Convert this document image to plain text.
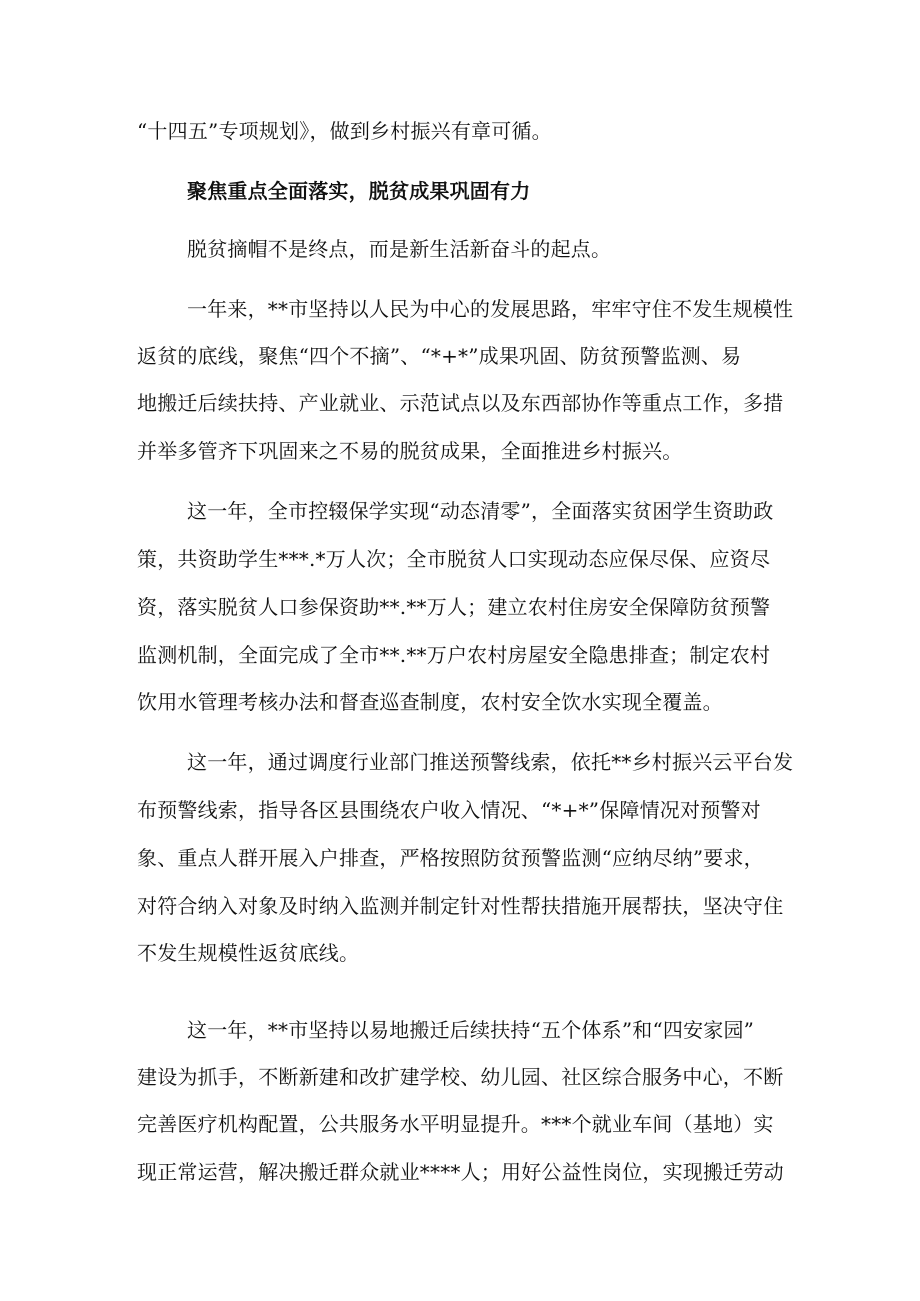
“十四五”专项规划》，做到乡村振兴有章可循。
聚焦重点全面落实，脱贫成果巩固有力
脱贫摘帽不是终点，而是新生活新奋斗的起点。
一年来，**市坚持以人民为中心的发展思路，牢牢守住不发生规模性
返贫的底线，聚焦“四个不摘”、“*+*”成果巩固、防贫预警监测、易
地搬迁后续扶持、产业就业、示范试点以及东西部协作等重点工作，多措
并举多管齐下巩固来之不易的脱贫成果，全面推进乡村振兴。
这一年，全市控辍保学实现“动态清零”，全面落实贫困学生资助政
策，共资助学生***.*万人次；全市脱贫人口实现动态应保尽保、应资尽
资，落实脱贫人口参保资助**.**万人；建立农村住房安全保障防贫预警
监测机制，全面完成了全市**.**万户农村房屋安全隐患排查；制定农村
饮用水管理考核办法和督查巡查制度，农村安全饮水实现全覆盖。
这一年，通过调度行业部门推送预警线索，依托**乡村振兴云平台发
布预警线索，指导各区县围绕农户收入情况、“*+*”保障情况对预警对
象、重点人群开展入户排查，严格按照防贫预警监测“应纳尽纳”要求，
对符合纳入对象及时纳入监测并制定针对性帮扶措施开展帮扶，坚决守住
不发生规模性返贫底线。
这一年，**市坚持以易地搬迁后续扶持“五个体系”和“四安家园”
建设为抓手，不断新建和改扩建学校、幼儿园、社区综合服务中心，不断
完善医疗机构配置，公共服务水平明显提升。***个就业车间（基地）实
现正常运营，解决搬迁群众就业****人；用好公益性岗位，实现搬迁劳动
